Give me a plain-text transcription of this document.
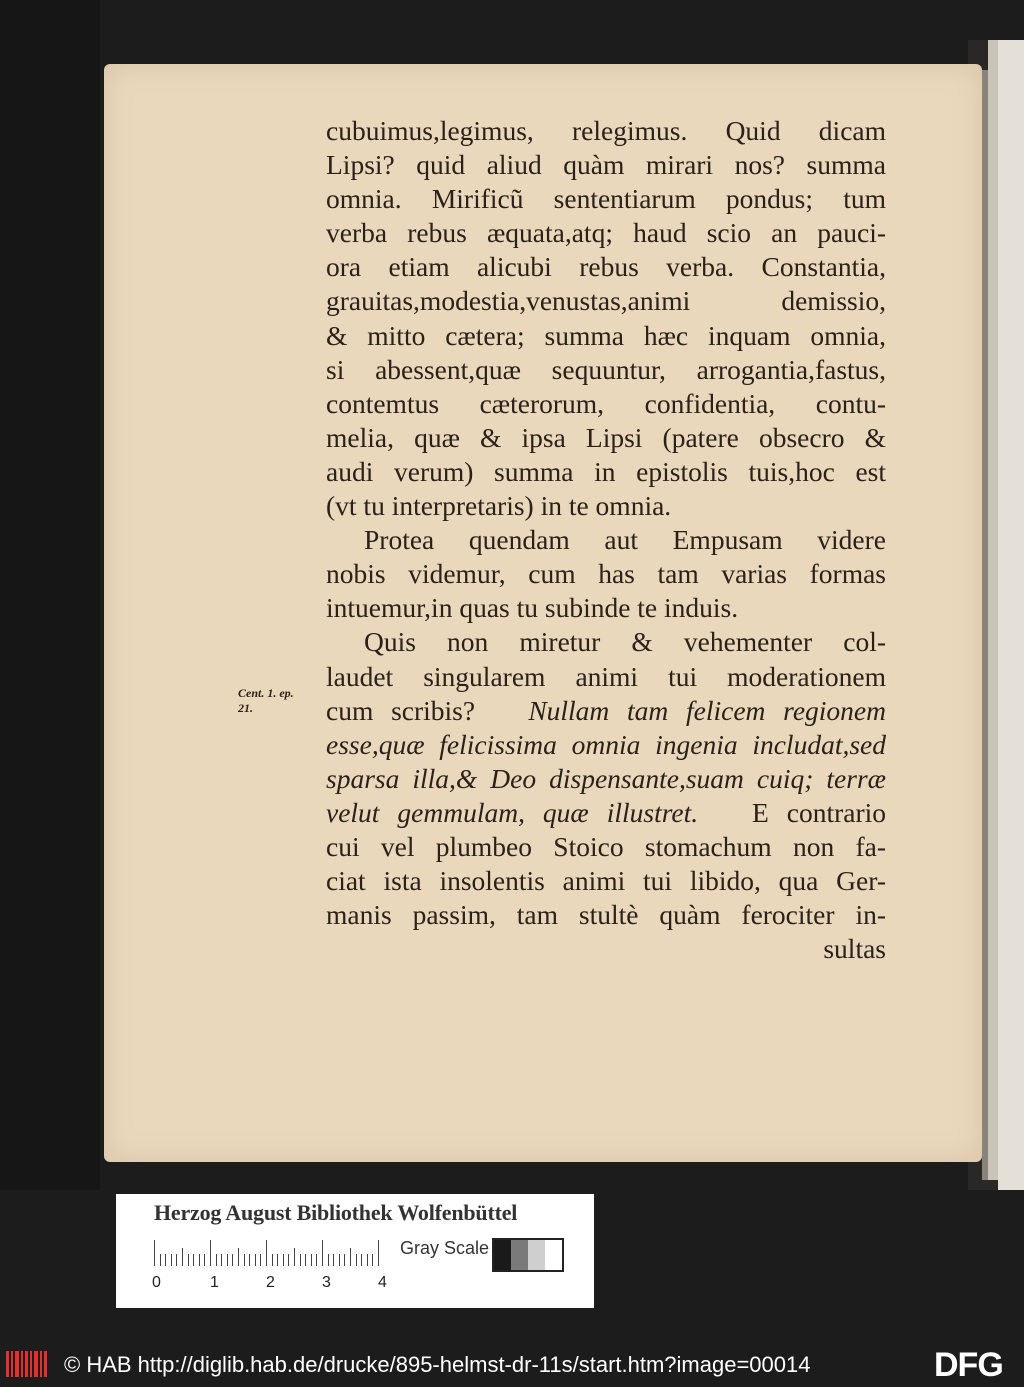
Cent. 1. ep.
21.
cubuimus,legimus, relegimus. Quid dicam
Lipsi? quid aliud quàm mirari nos? summa
omnia. Mirificũ sententiarum pondus; tum
verba rebus æquata,atq; haud scio an pauci-
ora etiam alicubi rebus verba. Constantia,
grauitas,modestia,venustas,animi demissio,
& mitto cætera; summa hæc inquam omnia,
si abessent,quæ sequuntur, arrogantia,fastus,
contemtus cæterorum, confidentia, contu-
melia, quæ & ipsa Lipsi (patere obsecro &
audi verum) summa in epistolis tuis,hoc est
(vt tu interpretaris) in te omnia.
Protea quendam aut Empusam videre
nobis videmur, cum has tam varias formas
intuemur,in quas tu subinde te induis.
Quis non miretur & vehementer col-
laudet singularem animi tui moderationem
cum scribis? Nullam tam felicem regionem
esse,quæ felicissima omnia ingenia includat,sed
sparsa illa,& Deo dispensante,suam cuiq; terræ
velut gemmulam, quæ illustret. E contrario
cui vel plumbeo Stoico stomachum non fa-
ciat ista insolentis animi tui libido, qua Ger-
manis passim, tam stultè quàm ferociter in-
sultas
Herzog August Bibliothek Wolfenbüttel
0	1	2	3	4
Gray Scale
© HAB http://diglib.hab.de/drucke/895-helmst-dr-11s/start.htm?image=00014	DFG
